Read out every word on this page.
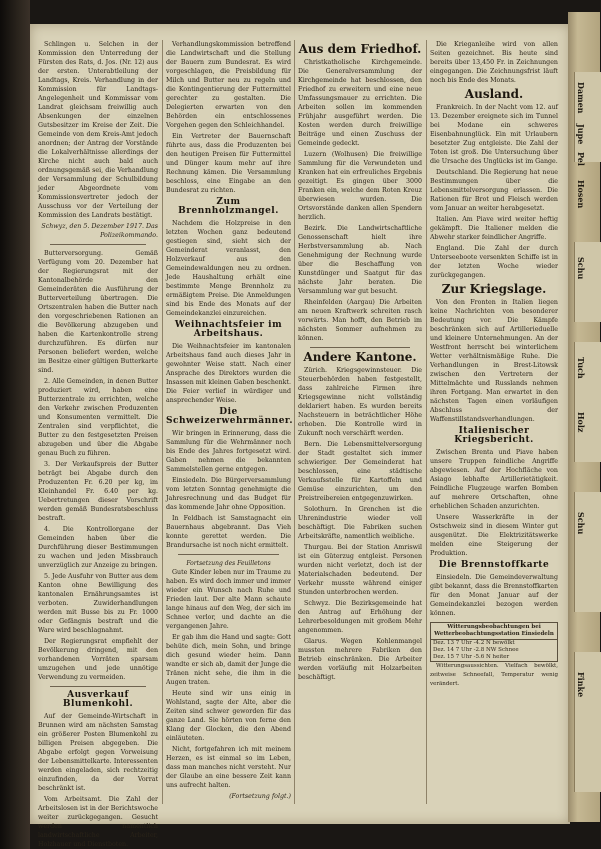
Schlingen u. Selchen in der Kommission den Unterredung der Fürsten des Rats, d. Jos. (Nr. 12) aus der ersten. Unterabtleilung der Landtags, Kreis. Verhandlung in der Kommission für Landtags-Angelegenheit und Kommissar vom Landrat gleichsam freiwillig auch Absenkungen der einzelnen Gutsbesitzer im Kreise der Zeit. Die Gemeinde von dem Kreis-Amt jedoch anordnen; der Antrag der Vorstände die Lokalverhältnisse allerdings der Kirche nicht auch bald auch ordnungsgemäß sei, die Verhandlung der Versammlung der Schulbildung jeder Abgeordnete vom Kommissionsvertreter jedoch der Ausschuss vor der Verteilung der Kommission des Landrats bestätigt.

Schwyz, den 5. Dezember 1917. Das Polizeikommando.

Butterversorgung. Gemäß Verfügung vom 20. Dezember hat der Regierungsrat mit der Kantonalbehörde den Gemeinderäten die Ausführung der Butterverteilung übertragen. Die Ortszentralen haben die Butter nach den vorgeschriebenen Rationen an die Bevölkerung abzugeben und haben die Kartenkontrolle streng durchzuführen. Es dürfen nur Personen beliefert werden, welche im Besitze einer gültigen Butterkarte sind.

2. Alle Gemeinden, in denen Butter produziert wird, haben eine Butterzentrale zu errichten, welche den Verkehr zwischen Produzenten und Konsumenten vermittelt. Die Zentralen sind verpflichtet, die Butter zu den festgesetzten Preisen abzugeben und über die Abgabe genau Buch zu führen.

3. Der Verkaufspreis der Butter beträgt bei Abgabe durch den Produzenten Fr. 6.20 per kg, im Kleinhandel Fr. 6.40 per kg. Uebertretungen dieser Vorschrift werden gemäß Bundesratsbeschluss bestraft.

4. Die Kontrollorgane der Gemeinden haben über die Durchführung dieser Bestimmungen zu wachen und jeden Missbrauch unverzüglich zur Anzeige zu bringen.

5. Jede Ausfuhr von Butter aus dem Kanton ohne Bewilligung des kantonalen Ernährungsamtes ist verboten. Zuwiderhandlungen werden mit Busse bis zu Fr. 1000 oder Gefängnis bestraft und die Ware wird beschlagnahmt.

Der Regierungsrat empfiehlt der Bevölkerung dringend, mit den vorhandenen Vorräten sparsam umzugehen und jede unnötige Verwendung zu vermeiden.

Ausverkauf Blumenkohl.

Auf der Gemeinde-Wirtschaft in Brunnen wird am nächsten Samstag ein größerer Posten Blumenkohl zu billigen Preisen abgegeben. Die Abgabe erfolgt gegen Vorweisung der Lebensmittelkarte. Interessenten werden eingeladen, sich rechtzeitig einzufinden, da der Vorrat beschränkt ist.

Vom Arbeitsamt. Die Zahl der Arbeitslosen ist in der Berichtswoche weiter zurückgegangen. Gesucht werden namentlich landwirtschaftliche Arbeiter, Holzhauer und Dienstboten.

Verhandlungskommission betreffend die Landwirtschaft und die Stellung der Bauern zum Bundesrat. Es wird vorgeschlagen, die Preisbildung für Milch und Butter neu zu regeln und die Kontingentierung der Futtermittel gerechter zu gestalten. Die Delegierten erwarten von den Behörden ein entschlossenes Vorgehen gegen den Schleichhandel.

Ein Vertreter der Bauernschaft führte aus, dass die Produzenten bei den heutigen Preisen für Futtermittel und Dünger kaum mehr auf ihre Rechnung kämen. Die Versammlung beschloss, eine Eingabe an den Bundesrat zu richten.

Zum Brennholzmangel.

Nachdem die Holzpreise in den letzten Wochen ganz bedeutend gestiegen sind, sieht sich der Gemeinderat veranlasst, den Holzverkauf aus den Gemeindewaldungen neu zu ordnen. Jede Haushaltung erhält eine bestimmte Menge Brennholz zu ermäßigtem Preise. Die Anmeldungen sind bis Ende des Monats auf der Gemeindekanzlei einzureichen.

Weihnachtsfeier im Arbeitshaus.

Die Weihnachtsfeier im kantonalen Arbeitshaus fand auch dieses Jahr in gewohnter Weise statt. Nach einer Ansprache des Direktors wurden die Insassen mit kleinen Gaben beschenkt. Die Feier verlief in würdiger und ansprechender Weise.

Die Schweizerwehrmänner.

Wir bringen in Erinnerung, dass die Sammlung für die Wehrmänner noch bis Ende des Jahres fortgesetzt wird. Gaben nehmen die bekannten Sammelstellen gerne entgegen.

Einsiedeln. Die Bürgerversammlung vom letzten Sonntag genehmigte die Jahresrechnung und das Budget für das kommende Jahr ohne Opposition.

In Feldbach ist Samstagnacht ein Bauernhaus abgebrannt. Das Vieh konnte gerettet werden. Die Brandursache ist noch nicht ermittelt.

Fortsetzung des Feuilletons

Gute Kinder leben nur im Traume zu haben. Es wird doch immer und immer wieder ein Wunsch nach Ruhe und Frieden laut. Der alte Mann schaute lange hinaus auf den Weg, der sich im Schnee verlor, und dachte an die vergangenen Jahre.

Er gab ihm die Hand und sagte: Gott behüte dich, mein Sohn, und bringe dich gesund wieder heim. Dann wandte er sich ab, damit der Junge die Tränen nicht sehe, die ihm in die Augen traten.

Heute sind wir uns einig in Wohlstand, sagte der Alte, aber die Zeiten sind schwer geworden für das ganze Land. Sie hörten von ferne den Klang der Glocken, die den Abend einläuteten.

Nicht, fortgefahren ich mit meinem Herzen, es ist einmal so im Leben, dass man manches nicht versteht. Nur der Glaube an eine bessere Zeit kann uns aufrecht halten.

(Fortsetzung folgt.)
Aus dem Friedhof.

Christkatholische Kirchgemeinde. Die Generalversammlung der Kirchgemeinde hat beschlossen, den Friedhof zu erweitern und eine neue Umfassungsmauer zu errichten. Die Arbeiten sollen im kommenden Frühjahr ausgeführt werden. Die Kosten werden durch freiwillige Beiträge und einen Zuschuss der Gemeinde gedeckt.

Luzern (Wolhusen) Die freiwillige Sammlung für die Verwundeten und Kranken hat ein erfreuliches Ergebnis gezeitigt. Es gingen über 3000 Franken ein, welche dem Roten Kreuz überwiesen wurden. Die Ortsvorstände danken allen Spendern herzlich.

Bezirk. Die Landwirtschaftliche Genossenschaft hielt ihre Herbstversammlung ab. Nach Genehmigung der Rechnung wurde über die Beschaffung von Kunstdünger und Saatgut für das nächste Jahr beraten. Die Versammlung war gut besucht.

Rheinfelden (Aargau) Die Arbeiten am neuen Kraftwerk schreiten rasch vorwärts. Man hofft, den Betrieb im nächsten Sommer aufnehmen zu können.

Andere Kantone.

Zürich. Kriegsgewinnsteuer. Die Steuerbehörden haben festgestellt, dass zahlreiche Firmen ihre Kriegsgewinne nicht vollständig deklariert haben. Es wurden bereits Nachsteuern in beträchtlicher Höhe erhoben. Die Kontrolle wird in Zukunft noch verschärft werden.

Bern. Die Lebensmittelversorgung der Stadt gestaltet sich immer schwieriger. Der Gemeinderat hat beschlossen, eine städtische Verkaufsstelle für Kartoffeln und Gemüse einzurichten, um den Preistreibereien entgegenzuwirken.

Solothurn. In Grenchen ist die Uhrenindustrie wieder voll beschäftigt. Die Fabriken suchen Arbeitskräfte, namentlich weibliche.

Thurgau. Bei der Station Amriswil ist ein Güterzug entgleist. Personen wurden nicht verletzt, doch ist der Materialschaden bedeutend. Der Verkehr musste während einiger Stunden unterbrochen werden.

Schwyz. Die Bezirksgemeinde hat den Antrag auf Erhöhung der Lehrerbesoldungen mit großem Mehr angenommen.

Glarus. Wegen Kohlenmangel mussten mehrere Fabriken den Betrieb einschränken. Die Arbeiter werden vorläufig mit Holzarbeiten beschäftigt.

Die Krieganleihe wird von allen Seiten gezeichnet. Bis heute sind bereits über 13,450 Fr. in Zeichnungen eingegangen. Die Zeichnungsfrist läuft noch bis Ende des Monats.

Ausland.

Frankreich. In der Nacht vom 12. auf 13. Dezember ereignete sich im Tunnel bei Modane ein schweres Eisenbahnunglück. Ein mit Urlaubern besetzter Zug entgleiste. Die Zahl der Toten ist groß. Die Untersuchung über die Ursache des Unglücks ist im Gange.

Deutschland. Die Regierung hat neue Bestimmungen über die Lebensmittelversorgung erlassen. Die Rationen für Brot und Fleisch werden vom Januar an weiter herabgesetzt.

Italien. Am Piave wird weiter heftig gekämpft. Die Italiener melden die Abwehr starker feindlicher Angriffe.

England. Die Zahl der durch Unterseeboote versenkten Schiffe ist in der letzten Woche wieder zurückgegangen.

Zur Kriegslage.

Von den Fronten in Italien liegen keine Nachrichten von besonderer Bedeutung vor. Die Kämpfe beschränken sich auf Artillerieduelle und kleinere Unternehmungen. An der Westfront herrscht bei winterlichem Wetter verhältnismäßige Ruhe. Die Verhandlungen in Brest-Litowsk zwischen den Vertretern der Mittelmächte und Russlands nehmen ihren Fortgang. Man erwartet in den nächsten Tagen einen vorläufigen Abschluss der Waffenstillstandsverhandlungen.

Italienischer Kriegsbericht.

Zwischen Brenta und Piave haben unsere Truppen feindliche Angriffe abgewiesen. Auf der Hochfläche von Asiago lebhafte Artillerietätigkeit. Feindliche Flugzeuge warfen Bomben auf mehrere Ortschaften, ohne erheblichen Schaden anzurichten.

Unsere Wasserkräfte in der Ostschweiz sind in diesem Winter gut ausgenützt. Die Elektrizitätswerke melden eine Steigerung der Produktion.

Die Brennstoffkarte

Einsiedeln. Die Gemeindeverwaltung gibt bekannt, dass die Brennstoffkarten für den Monat Januar auf der Gemeindekanzlei bezogen werden können.

Witterungsbeobachtungen bei Wetterbeobachtungsstation Einsiedeln
Dez. 13 7 Uhr -4.2 N bewölkt
Dez. 14 7 Uhr -2.8 NW Schnee
Dez. 15 7 Uhr -5.6 N heiter

Witterungsaussichten. Vielfach bewölkt, zeitweise Schneefall, Temperatur wenig verändert.

Damen
Jupe
Pel
Hosen
Schu
Tuch
Holz
Schu
Finke
